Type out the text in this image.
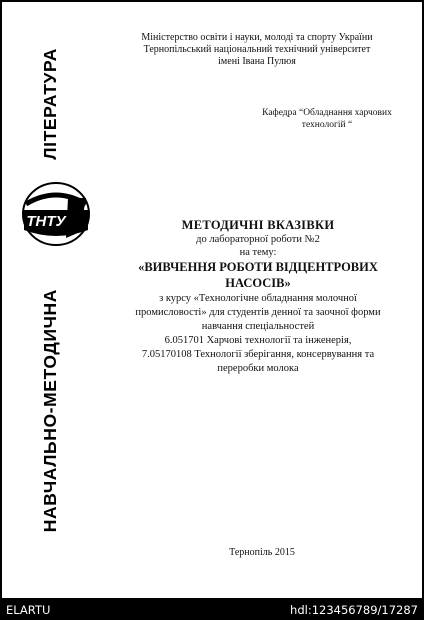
ЛІТЕРАТУРА
ТНТУ
НАВЧАЛЬНО-МЕТОДИЧНА
Міністерство освіти і науки, молоді та спорту України
Тернопільський національний технічний університет
імені Івана Пулюя
Кафедра “Обладнання харчових
технологій “
МЕТОДИЧНІ ВКАЗІВКИ
до лабораторної роботи №2
на тему:
«ВИВЧЕННЯ РОБОТИ ВІДЦЕНТРОВИХ
НАСОСІВ»
з курсу «Технологічне обладнання молочної
промисловості» для студентів денної та заочної форми
навчання спеціальностей
6.051701 Харчові технології та інженерія,
7.05170108 Технології зберігання, консервування та
переробки молока
Тернопіль 2015
ELARTU	hdl:123456789/17287
